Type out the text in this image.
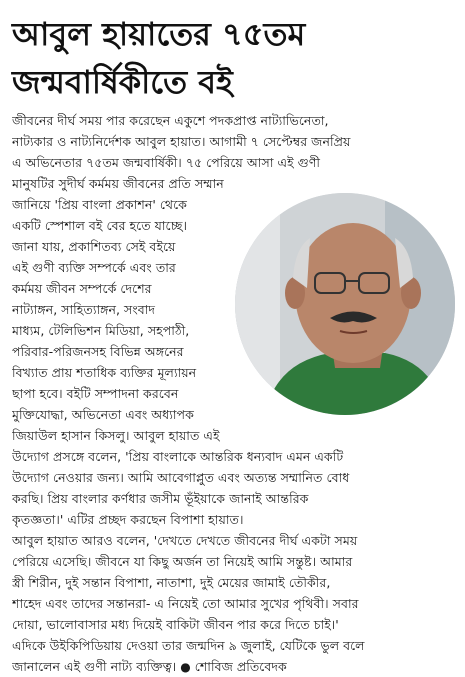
আবুল হায়াতের ৭৫তম
জন্মবার্ষিকীতে বই
জীবনের দীর্ঘ সময় পার করেছেন একুশে পদকপ্রাপ্ত নাট্যাভিনেতা,
নাট্যকার ও নাট্যনির্দেশক আবুল হায়াত। আগামী ৭ সেপ্টেম্বর জনপ্রিয়
এ অভিনেতার ৭৫তম জন্মবার্ষিকী। ৭৫ পেরিয়ে আসা এই গুণী
মানুষটির সুদীর্ঘ কর্মময় জীবনের প্রতি সম্মান
জানিয়ে 'প্রিয় বাংলা প্রকাশন' থেকে
একটি স্পেশাল বই বের হতে যাচ্ছে।
জানা যায়, প্রকাশিতব্য সেই বইয়ে
এই গুণী ব্যক্তি সম্পর্কে এবং তার
কর্মময় জীবন সম্পর্কে দেশের
নাট্যাঙ্গন, সাহিত্যাঙ্গন, সংবাদ
মাধ্যম, টেলিভিশন মিডিয়া, সহপাঠী,
পরিবার-পরিজনসহ বিভিন্ন অঙ্গনের
বিখ্যাত প্রায় শতাধিক ব্যক্তির মূল্যায়ন
ছাপা হবে। বইটি সম্পাদনা করবেন
মুক্তিযোদ্ধা, অভিনেতা এবং অধ্যাপক
জিয়াউল হাসান কিসলু। আবুল হায়াত এই
উদ্যোগ প্রসঙ্গে বলেন, 'প্রিয় বাংলাকে আন্তরিক ধন্যবাদ এমন একটি
উদ্যোগ নেওয়ার জন্য। আমি আবেগাপ্লুত এবং অত্যন্ত সম্মানিত বোধ
করছি। প্রিয় বাংলার কর্ণধার জসীম ভূঁইয়াকে জানাই আন্তরিক
কৃতজ্ঞতা।' এটির প্রচ্ছদ করছেন বিপাশা হায়াত।
আবুল হায়াত আরও বলেন, 'দেখতে দেখতে জীবনের দীর্ঘ একটা সময়
পেরিয়ে এসেছি। জীবনে যা কিছু অর্জন তা নিয়েই আমি সন্তুষ্ট। আমার
স্ত্রী শিরীন, দুই সন্তান বিপাশা, নাতাশা, দুই মেয়ের জামাই তৌকীর,
শাহেদ এবং তাদের সন্তানরা- এ নিয়েই তো আমার সুখের পৃথিবী। সবার
দোয়া, ভালোবাসার মধ্য দিয়েই বাকিটা জীবন পার করে দিতে চাই।'
এদিকে উইকিপিডিয়ায় দেওয়া তার জন্মদিন ৯ জুলাই, যেটিকে ভুল বলে
জানালেন এই গুণী নাট্য ব্যক্তিত্ব। ● শোবিজ প্রতিবেদক
